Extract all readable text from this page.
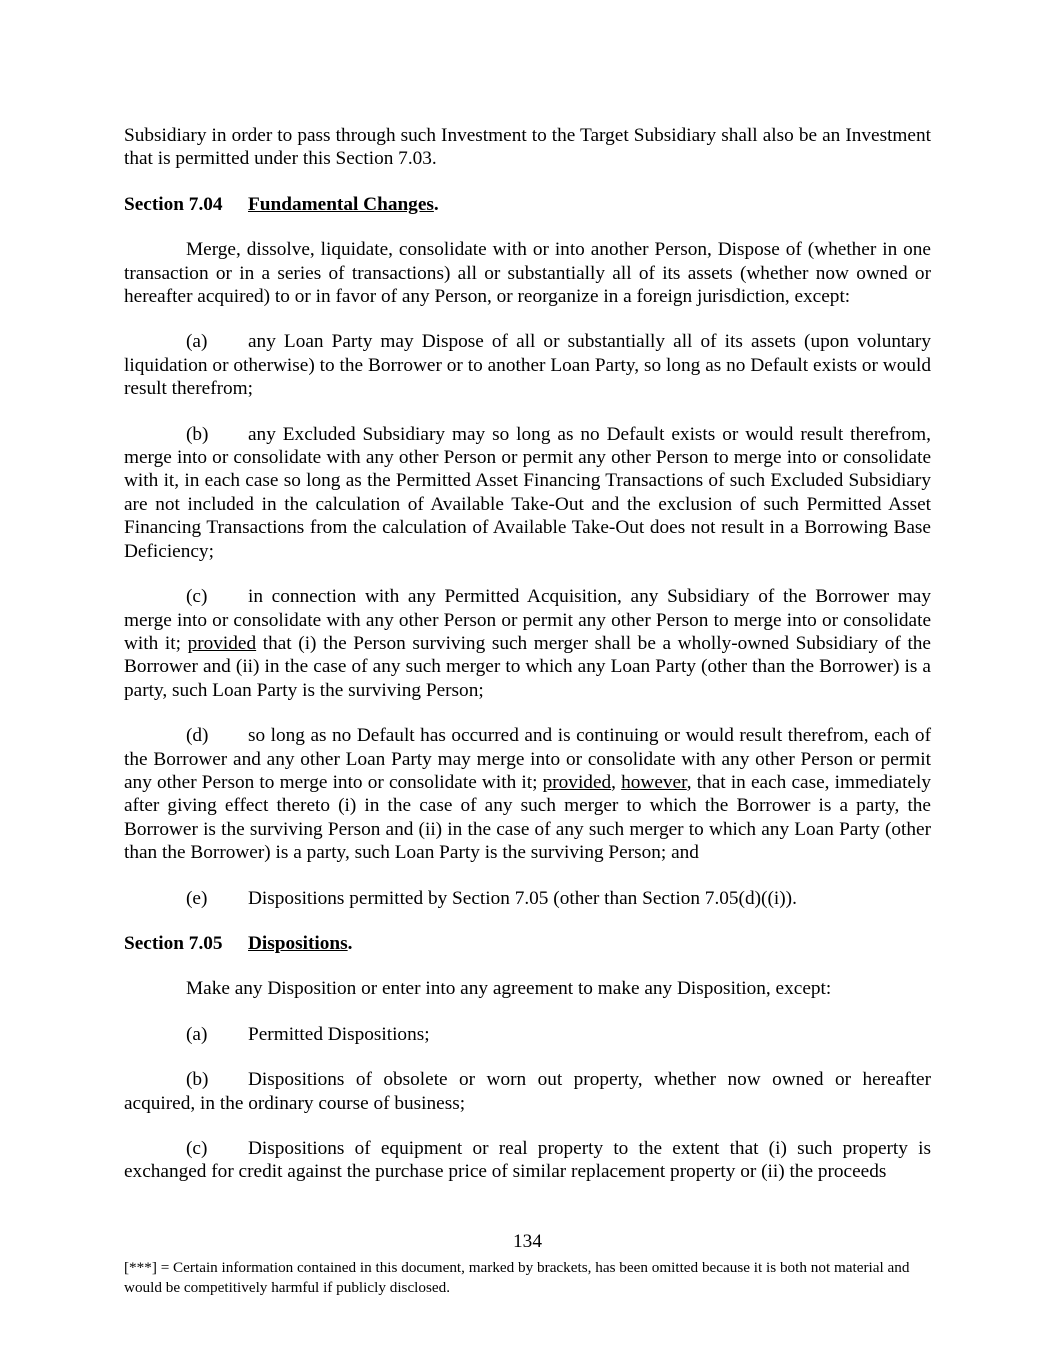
Subsidiary in order to pass through such Investment to the Target Subsidiary shall also be an Investment that is permitted under this Section 7.03.

Section 7.04 Fundamental Changes.

Merge, dissolve, liquidate, consolidate with or into another Person, Dispose of (whether in one transaction or in a series of transactions) all or substantially all of its assets (whether now owned or hereafter acquired) to or in favor of any Person, or reorganize in a foreign jurisdiction, except:

(a) any Loan Party may Dispose of all or substantially all of its assets (upon voluntary liquidation or otherwise) to the Borrower or to another Loan Party, so long as no Default exists or would result therefrom;

(b) any Excluded Subsidiary may so long as no Default exists or would result therefrom, merge into or consolidate with any other Person or permit any other Person to merge into or consolidate with it, in each case so long as the Permitted Asset Financing Transactions of such Excluded Subsidiary are not included in the calculation of Available Take-Out and the exclusion of such Permitted Asset Financing Transactions from the calculation of Available Take-Out does not result in a Borrowing Base Deficiency;

(c) in connection with any Permitted Acquisition, any Subsidiary of the Borrower may merge into or consolidate with any other Person or permit any other Person to merge into or consolidate with it; provided that (i) the Person surviving such merger shall be a wholly-owned Subsidiary of the Borrower and (ii) in the case of any such merger to which any Loan Party (other than the Borrower) is a party, such Loan Party is the surviving Person;

(d) so long as no Default has occurred and is continuing or would result therefrom, each of the Borrower and any other Loan Party may merge into or consolidate with any other Person or permit any other Person to merge into or consolidate with it; provided, however, that in each case, immediately after giving effect thereto (i) in the case of any such merger to which the Borrower is a party, the Borrower is the surviving Person and (ii) in the case of any such merger to which any Loan Party (other than the Borrower) is a party, such Loan Party is the surviving Person; and

(e) Dispositions permitted by Section 7.05 (other than Section 7.05(d)((i)).

Section 7.05 Dispositions.

Make any Disposition or enter into any agreement to make any Disposition, except:

(a) Permitted Dispositions;

(b) Dispositions of obsolete or worn out property, whether now owned or hereafter acquired, in the ordinary course of business;

(c) Dispositions of equipment or real property to the extent that (i) such property is exchanged for credit against the purchase price of similar replacement property or (ii) the proceeds

134
[***] = Certain information contained in this document, marked by brackets, has been omitted because it is both not material and would be competitively harmful if publicly disclosed.
